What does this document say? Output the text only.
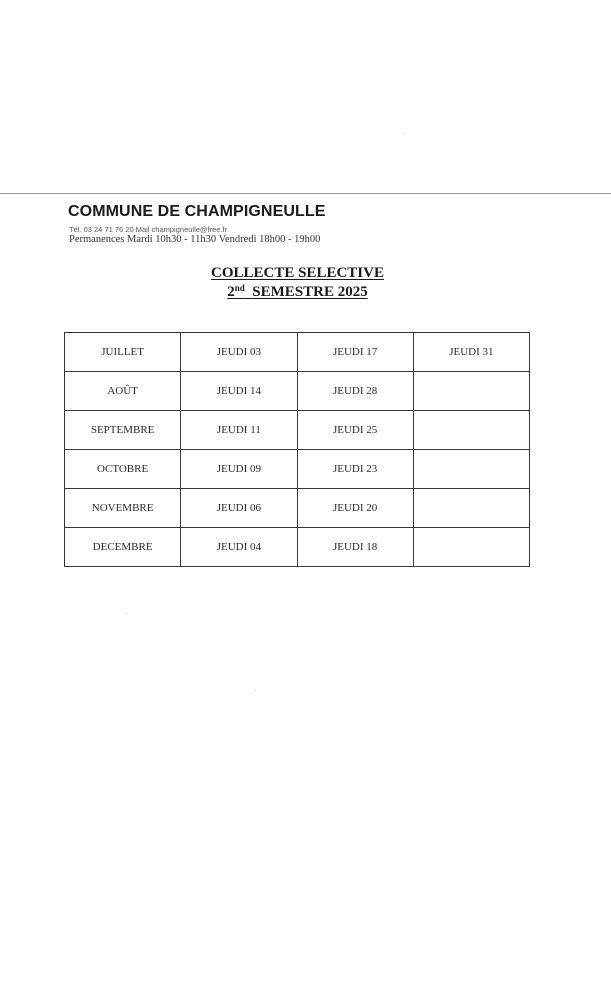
COMMUNE DE CHAMPIGNEULLE
Tél. 03 24 71 76 20 Mail champigneulle@free.fr
Permanences Mardi 10h30 - 11h30 Vendredi 18h00 - 19h00
COLLECTE SELECTIVE
2nd SEMESTRE 2025
JUILLET	JEUDI 03	JEUDI 17	JEUDI 31
AOÛT	JEUDI 14	JEUDI 28	
SEPTEMBRE	JEUDI 11	JEUDI 25	
OCTOBRE	JEUDI 09	JEUDI 23	
NOVEMBRE	JEUDI 06	JEUDI 20	
DECEMBRE	JEUDI 04	JEUDI 18	
